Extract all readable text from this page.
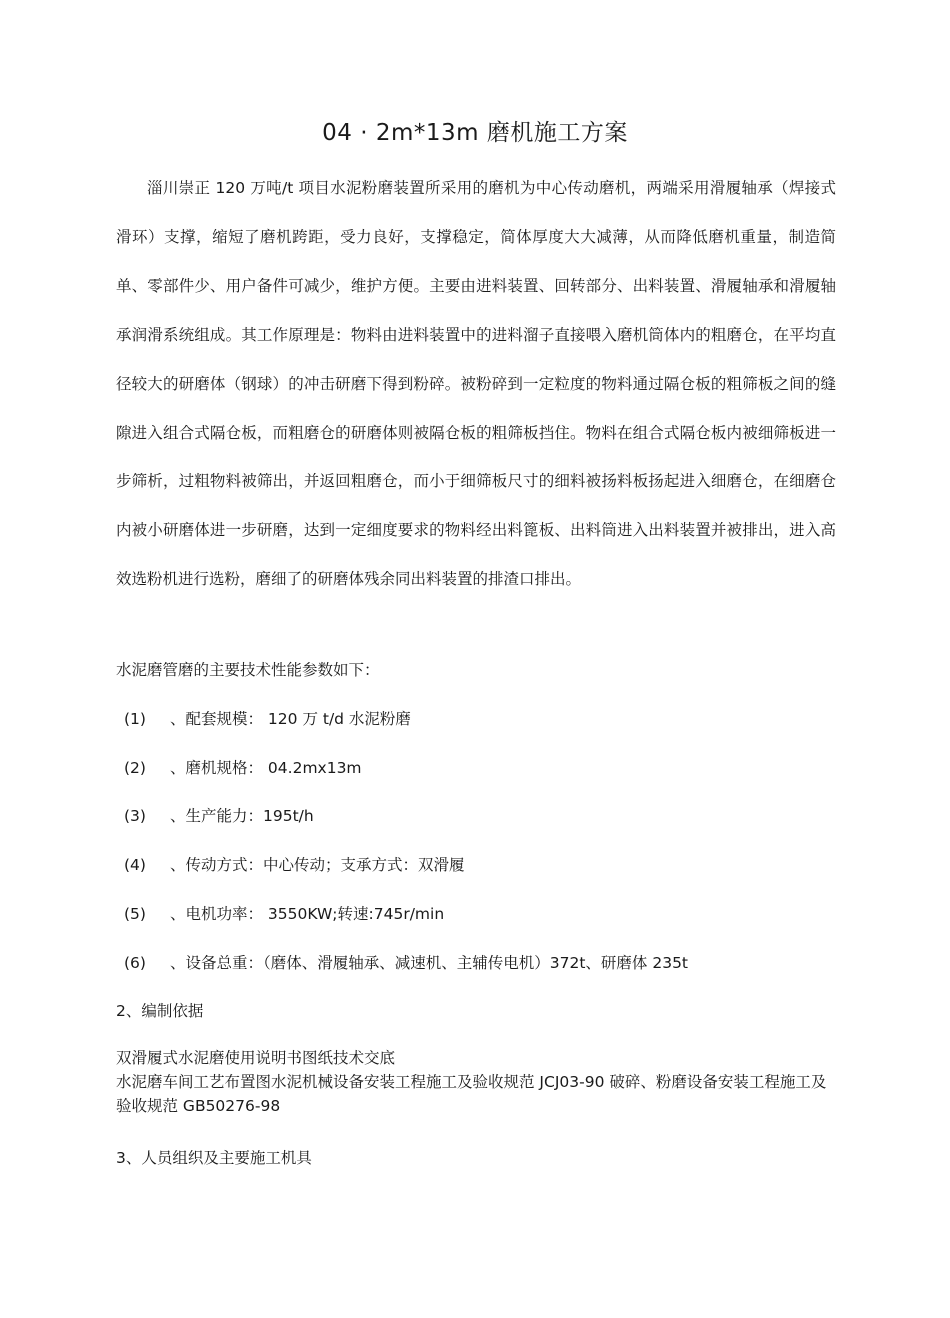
04 · 2m*13m 磨机施工方案

淄川崇正 120 万吨/t 项目水泥粉磨装置所采用的磨机为中心传动磨机，两端采用滑履轴承（焊接式滑环）支撑，缩短了磨机跨距，受力良好，支撑稳定，简体厚度大大减薄，从而降低磨机重量，制造简单、零部件少、用户备件可减少，维护方便。主要由进料装置、回转部分、出料装置、滑履轴承和滑履轴承润滑系统组成。其工作原理是：物料由进料装置中的进料溜子直接喂入磨机筒体内的粗磨仓，在平均直径较大的研磨体（钢球）的冲击研磨下得到粉碎。被粉碎到一定粒度的物料通过隔仓板的粗筛板之间的缝隙进入组合式隔仓板，而粗磨仓的研磨体则被隔仓板的粗筛板挡住。物料在组合式隔仓板内被细筛板进一步筛析，过粗物料被筛出，并返回粗磨仓，而小于细筛板尺寸的细料被扬料板扬起进入细磨仓，在细磨仓内被小研磨体进一步研磨，达到一定细度要求的物料经出料篦板、出料筒进入出料装置并被排出，进入高效选粉机进行选粉，磨细了的研磨体残余同出料装置的排渣口排出。

水泥磨管磨的主要技术性能参数如下：

(1) 、配套规模： 120 万 t/d 水泥粉磨
(2) 、磨机规格： 04.2mx13m
(3) 、生产能力：195t/h
(4) 、传动方式：中心传动；支承方式：双滑履
(5) 、电机功率： 3550KW;转速:745r/min
(6) 、设备总重：（磨体、滑履轴承、减速机、主辅传电机）372t、研磨体 235t

2、编制依据

双滑履式水泥磨使用说明书图纸技术交底

水泥磨车间工艺布置图水泥机械设备安装工程施工及验收规范 JCJ03-90 破碎、粉磨设备安装工程施工及验收规范 GB50276-98

3、人员组织及主要施工机具
